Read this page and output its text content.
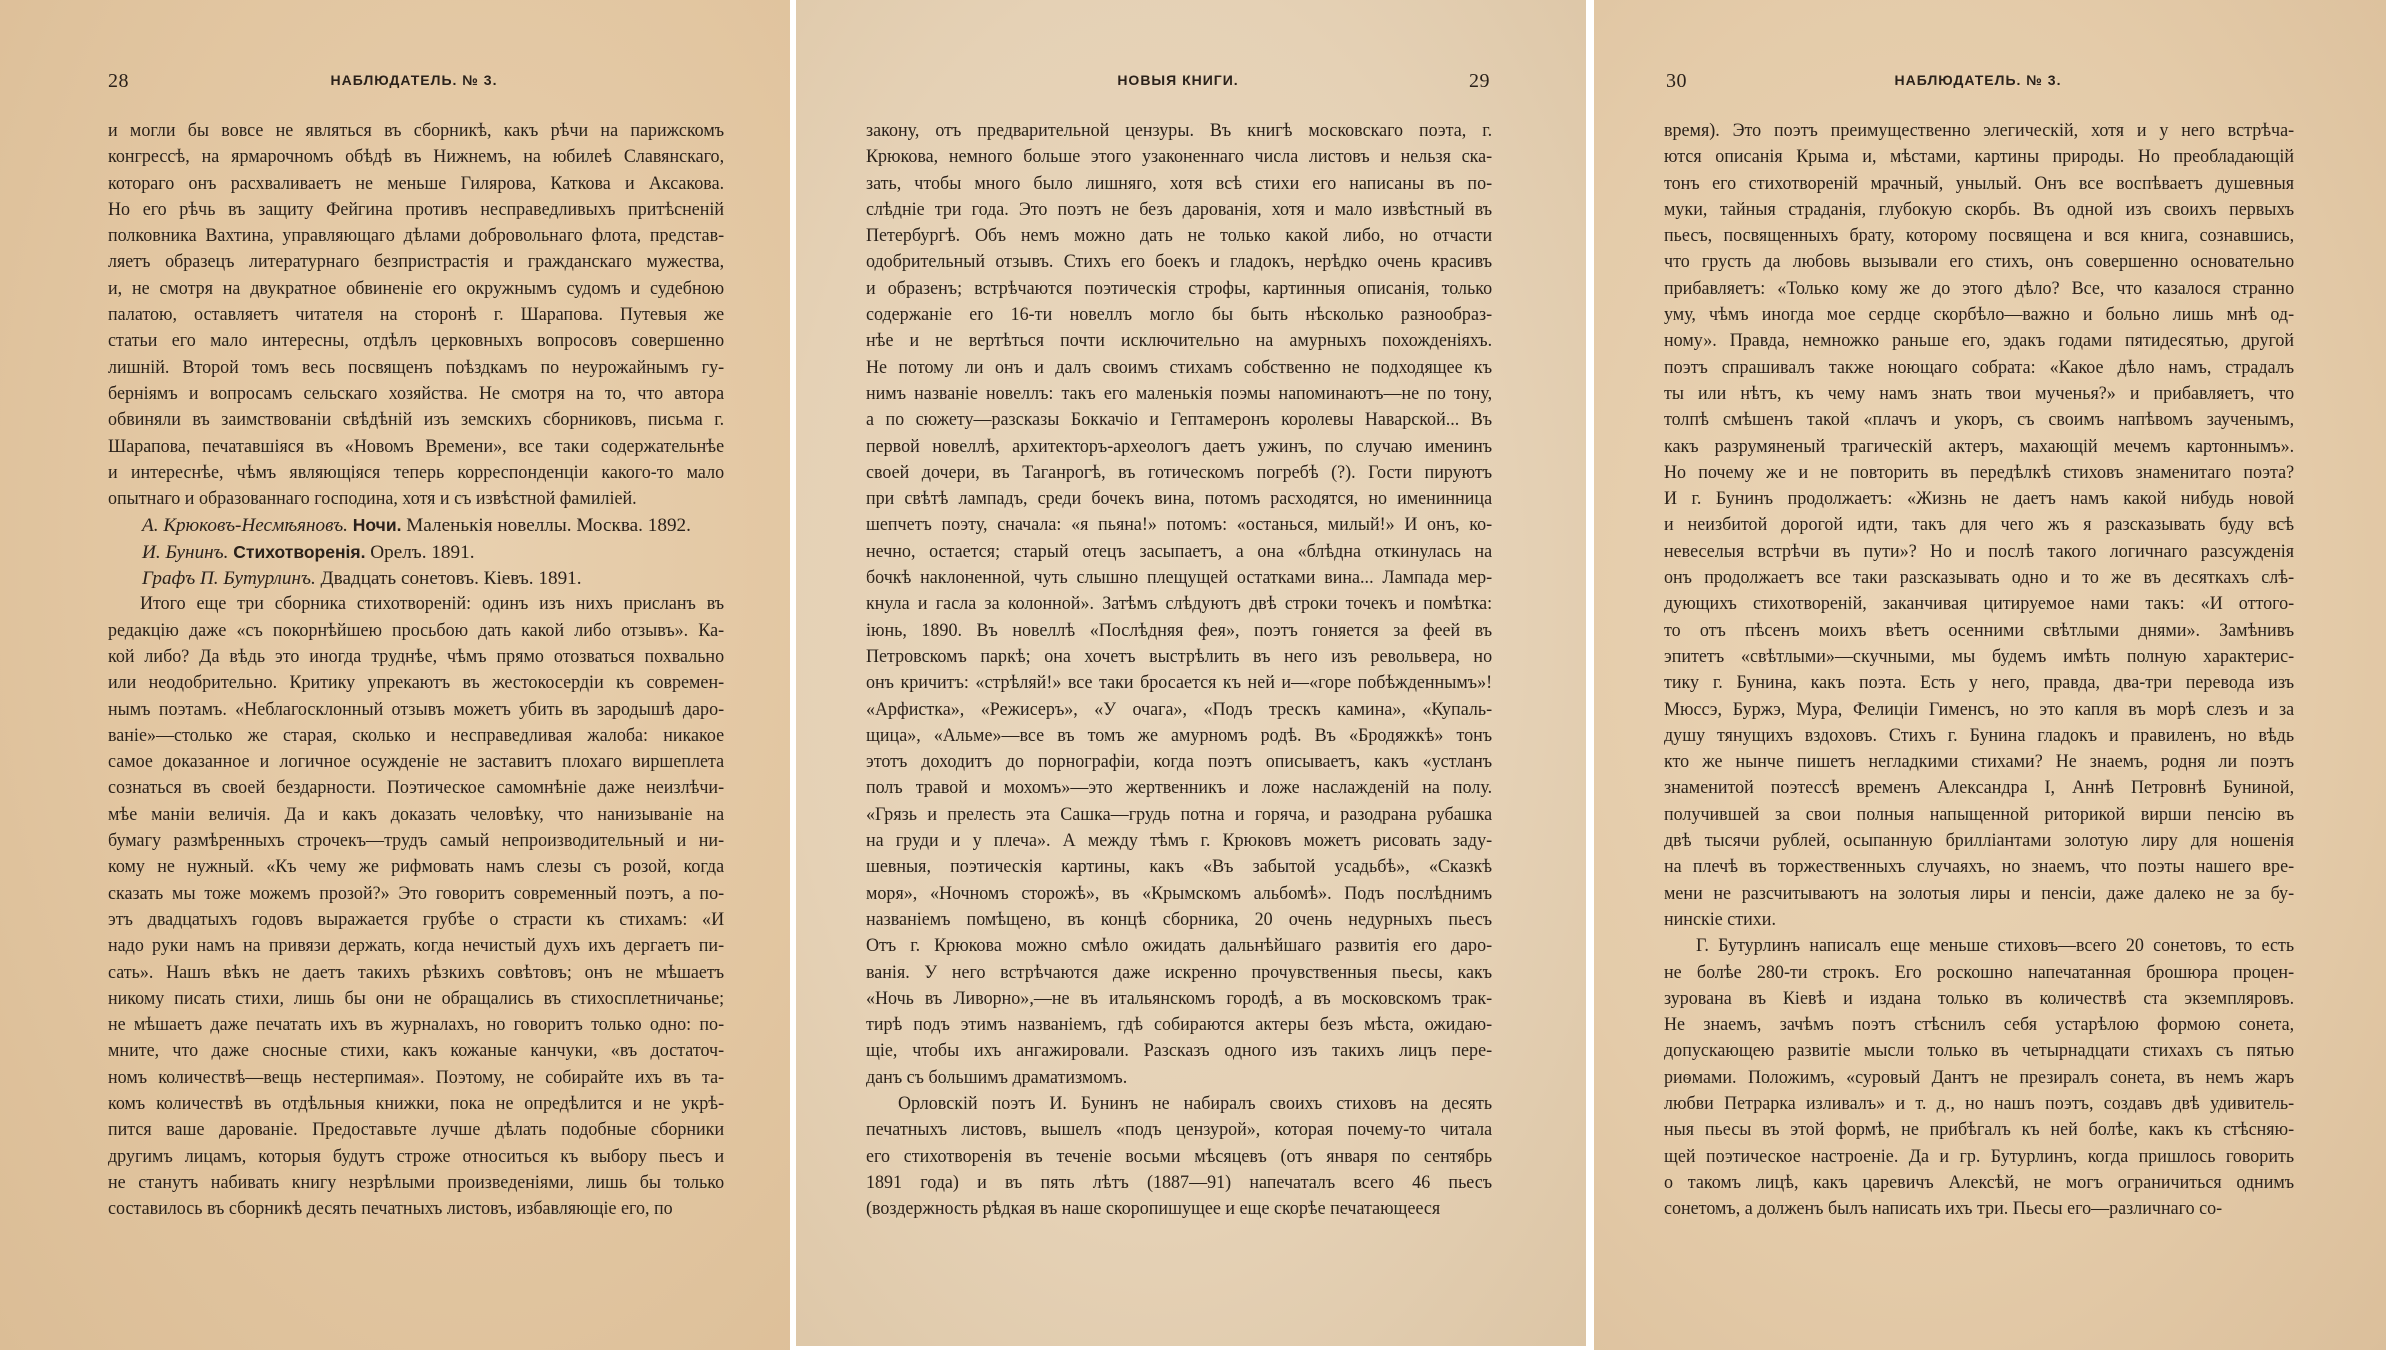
28	НАБЛЮДАТЕЛЬ. № 3.
и могли бы вовсе не являться въ сборникѣ, какъ рѣчи на парижскомъ
конгрессѣ, на ярмарочномъ обѣдѣ въ Нижнемъ, на юбилеѣ Славянскаго,
котораго онъ расхваливаетъ не меньше Гилярова, Каткова и Аксакова.
Но его рѣчь въ защиту Фейгина противъ несправедливыхъ притѣсненій
полковника Вахтина, управляющаго дѣлами добровольнаго флота, представ-
ляетъ образецъ литературнаго безпристрастія и гражданскаго мужества,
и, не смотря на двукратное обвиненіе его окружнымъ судомъ и судебною
палатою, оставляетъ читателя на сторонѣ г. Шарапова. Путевыя же
статьи его мало интересны, отдѣлъ церковныхъ вопросовъ совершенно
лишній. Второй томъ весь посвященъ поѣздкамъ по неурожайнымъ гу-
берніямъ и вопросамъ сельскаго хозяйства. Не смотря на то, что автора
обвиняли въ заимствованіи свѣдѣній изъ земскихъ сборниковъ, письма г.
Шарапова, печатавшіяся въ «Новомъ Времени», все таки содержательнѣе
и интереснѣе, чѣмъ являющіяся теперь корреспонденціи какого-то мало
опытнаго и образованнаго господина, хотя и съ извѣстной фамиліей.
А. Крюковъ-Несмѣяновъ. Ночи. Маленькія новеллы. Москва. 1892.
И. Бунинъ. Стихотворенія. Орелъ. 1891.
Графъ П. Бутурлинъ. Двадцать сонетовъ. Кіевъ. 1891.
Итого еще три сборника стихотвореній: одинъ изъ нихъ присланъ въ
редакцію даже «съ покорнѣйшею просьбою дать какой либо отзывъ». Ка-
кой либо? Да вѣдь это иногда труднѣе, чѣмъ прямо отозваться похвально
или неодобрительно. Критику упрекаютъ въ жестокосердіи къ современ-
нымъ поэтамъ. «Неблагосклонный отзывъ можетъ убить въ зародышѣ даро-
ваніе»—столько же старая, сколько и несправедливая жалоба: никакое
самое доказанное и логичное осужденіе не заставитъ плохаго виршеплета
сознаться въ своей бездарности. Поэтическое самомнѣніе даже неизлѣчи-
мѣе маніи величія. Да и какъ доказать человѣку, что нанизываніе на
бумагу размѣренныхъ строчекъ—трудъ самый непроизводительный и ни-
кому не нужный. «Къ чему же рифмовать намъ слезы съ розой, когда
сказать мы тоже можемъ прозой?» Это говоритъ современный поэтъ, а по-
этъ двадцатыхъ годовъ выражается грубѣе о страсти къ стихамъ: «И
надо руки намъ на привязи держать, когда нечистый духъ ихъ дергаетъ пи-
сать». Нашъ вѣкъ не даетъ такихъ рѣзкихъ совѣтовъ; онъ не мѣшаетъ
никому писать стихи, лишь бы они не обращались въ стихосплетничанье;
не мѣшаетъ даже печатать ихъ въ журналахъ, но говоритъ только одно: по-
мните, что даже сносные стихи, какъ кожаные канчуки, «въ достаточ-
номъ количествѣ—вещь нестерпимая». Поэтому, не собирайте ихъ въ та-
комъ количествѣ въ отдѣльныя книжки, пока не опредѣлится и не укрѣ-
пится ваше дарованіе. Предоставьте лучше дѣлать подобные сборники
другимъ лицамъ, которыя будутъ строже относиться къ выбору пьесъ и
не станутъ набивать книгу незрѣлыми произведеніями, лишь бы только
составилось въ сборникѣ десять печатныхъ листовъ, избавляющіе его, по
НОВЫЯ КНИГИ.	29
закону, отъ предварительной цензуры. Въ книгѣ московскаго поэта, г.
Крюкова, немного больше этого узаконеннаго числа листовъ и нельзя ска-
зать, чтобы много было лишняго, хотя всѣ стихи его написаны въ по-
слѣдніе три года. Это поэтъ не безъ дарованія, хотя и мало извѣстный въ
Петербургѣ. Объ немъ можно дать не только какой либо, но отчасти
одобрительный отзывъ. Стихъ его боекъ и гладокъ, нерѣдко очень красивъ
и образенъ; встрѣчаются поэтическія строфы, картинныя описанія, только
содержаніе его 16-ти новеллъ могло бы быть нѣсколько разнообраз-
нѣе и не вертѣться почти исключительно на амурныхъ похожденіяхъ.
Не потому ли онъ и далъ своимъ стихамъ собственно не подходящее къ
нимъ названіе новеллъ: такъ его маленькія поэмы напоминаютъ—не по тону,
а по сюжету—разсказы Боккачіо и Гептамеронъ королевы Наварской... Въ
первой новеллѣ, архитекторъ-археологъ даетъ ужинъ, по случаю именинъ
своей дочери, въ Таганрогѣ, въ готическомъ погребѣ (?). Гости пируютъ
при свѣтѣ лампадъ, среди бочекъ вина, потомъ расходятся, но именинница
шепчетъ поэту, сначала: «я пьяна!» потомъ: «останься, милый!» И онъ, ко-
нечно, остается; старый отецъ засыпаетъ, а она «блѣдна откинулась на
бочкѣ наклоненной, чуть слышно плещущей остатками вина... Лампада мер-
кнула и гасла за колонной». Затѣмъ слѣдуютъ двѣ строки точекъ и помѣтка:
іюнь, 1890. Въ новеллѣ «Послѣдняя фея», поэтъ гоняется за феей въ
Петровскомъ паркѣ; она хочетъ выстрѣлить въ него изъ револьвера, но
онъ кричитъ: «стрѣляй!» все таки бросается къ ней и—«горе побѣжденнымъ»!
«Арфистка», «Режисеръ», «У очага», «Подъ трескъ камина», «Купаль-
щица», «Альме»—все въ томъ же амурномъ родѣ. Въ «Бродяжкѣ» тонъ
этотъ доходитъ до порнографіи, когда поэтъ описываетъ, какъ «устланъ
полъ травой и мохомъ»—это жертвенникъ и ложе наслажденій на полу.
«Грязь и прелесть эта Сашка—грудь потна и горяча, и разодрана рубашка
на груди и у плеча». А между тѣмъ г. Крюковъ можетъ рисовать заду-
шевныя, поэтическія картины, какъ «Въ забытой усадьбѣ», «Сказкѣ
моря», «Ночномъ сторожѣ», въ «Крымскомъ альбомѣ». Подъ послѣднимъ
названіемъ помѣщено, въ концѣ сборника, 20 очень недурныхъ пьесъ
Отъ г. Крюкова можно смѣло ожидать дальнѣйшаго развитія его даро-
ванія. У него встрѣчаются даже искренно прочувственныя пьесы, какъ
«Ночь въ Ливорно»,—не въ итальянскомъ городѣ, а въ московскомъ трак-
тирѣ подъ этимъ названіемъ, гдѣ собираются актеры безъ мѣста, ожидаю-
щіе, чтобы ихъ ангажировали. Разсказъ одного изъ такихъ лицъ пере-
данъ съ большимъ драматизмомъ.
Орловскій поэтъ И. Бунинъ не набиралъ своихъ стиховъ на десять
печатныхъ листовъ, вышелъ «подъ цензурой», которая почему-то читала
его стихотворенія въ теченіе восьми мѣсяцевъ (отъ января по сентябрь
1891 года) и въ пять лѣтъ (1887—91) напечаталъ всего 46 пьесъ
(воздержность рѣдкая въ наше скоропишущее и еще скорѣе печатающееся
30	НАБЛЮДАТЕЛЬ. № 3.
время). Это поэтъ преимущественно элегическій, хотя и у него встрѣча-
ются описанія Крыма и, мѣстами, картины природы. Но преобладающій
тонъ его стихотвореній мрачный, унылый. Онъ все воспѣваетъ душевныя
муки, тайныя страданія, глубокую скорбь. Въ одной изъ своихъ первыхъ
пьесъ, посвященныхъ брату, которому посвящена и вся книга, сознавшись,
что грусть да любовь вызывали его стихъ, онъ совершенно основательно
прибавляетъ: «Только кому же до этого дѣло? Все, что казалося странно
уму, чѣмъ иногда мое сердце скорбѣло—важно и больно лишь мнѣ од-
ному». Правда, немножко раньше его, эдакъ годами пятидесятью, другой
поэтъ спрашивалъ также ноющаго собрата: «Какое дѣло намъ, страдалъ
ты или нѣтъ, къ чему намъ знать твои мученья?» и прибавляетъ, что
толпѣ смѣшенъ такой «плачъ и укоръ, съ своимъ напѣвомъ заученымъ,
какъ разрумяненый трагическій актеръ, махающій мечемъ картоннымъ».
Но почему же и не повторить въ передѣлкѣ стиховъ знаменитаго поэта?
И г. Бунинъ продолжаетъ: «Жизнь не даетъ намъ какой нибудь новой
и неизбитой дорогой идти, такъ для чего жъ я разсказывать буду всѣ
невеселыя встрѣчи въ пути»? Но и послѣ такого логичнаго разсужденія
онъ продолжаетъ все таки разсказывать одно и то же въ десяткахъ слѣ-
дующихъ стихотвореній, заканчивая цитируемое нами такъ: «И оттого-
то отъ пѣсенъ моихъ вѣетъ осенними свѣтлыми днями». Замѣнивъ
эпитетъ «свѣтлыми»—скучными, мы будемъ имѣть полную характерис-
тику г. Бунина, какъ поэта. Есть у него, правда, два-три перевода изъ
Мюссэ, Буржэ, Мура, Фелиціи Гименсъ, но это капля въ морѣ слезъ и за
душу тянущихъ вздоховъ. Стихъ г. Бунина гладокъ и правиленъ, но вѣдь
кто же нынче пишетъ негладкими стихами? Не знаемъ, родня ли поэтъ
знаменитой поэтессѣ временъ Александра I, Аннѣ Петровнѣ Буниной,
получившей за свои полныя напыщенной риторикой вирши пенсію въ
двѣ тысячи рублей, осыпанную брилліантами золотую лиру для ношенія
на плечѣ въ торжественныхъ случаяхъ, но знаемъ, что поэты нашего вре-
мени не разсчитываютъ на золотыя лиры и пенсіи, даже далеко не за бу-
нинскіе стихи.
Г. Бутурлинъ написалъ еще меньше стиховъ—всего 20 сонетовъ, то есть
не болѣе 280-ти строкъ. Его роскошно напечатанная брошюра процен-
зурована въ Кіевѣ и издана только въ количествѣ ста экземпляровъ.
Не знаемъ, зачѣмъ поэтъ стѣснилъ себя устарѣлою формою сонета,
допускающею развитіе мысли только въ четырнадцати стихахъ съ пятью
риѳмами. Положимъ, «суровый Дантъ не презиралъ сонета, въ немъ жаръ
любви Петрарка изливалъ» и т. д., но нашъ поэтъ, создавъ двѣ удивитель-
ныя пьесы въ этой формѣ, не прибѣгалъ къ ней болѣе, какъ къ стѣсняю-
щей поэтическое настроеніе. Да и гр. Бутурлинъ, когда пришлось говорить
о такомъ лицѣ, какъ царевичъ Алексѣй, не могъ ограничиться однимъ
сонетомъ, а долженъ былъ написать ихъ три. Пьесы его—различнаго со-
